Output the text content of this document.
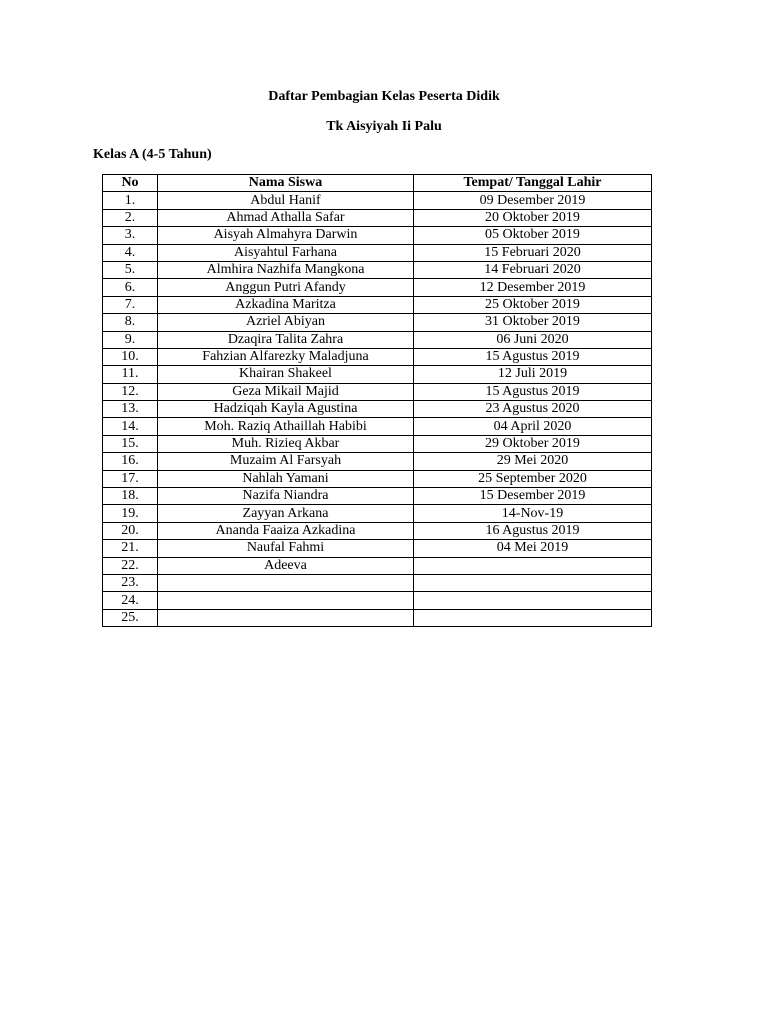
Daftar Pembagian Kelas Peserta Didik
Tk Aisyiyah Ii Palu
Kelas A (4-5 Tahun)
No	Nama Siswa	Tempat/ Tanggal Lahir
1.	Abdul Hanif	09 Desember 2019
2.	Ahmad Athalla Safar	20 Oktober 2019
3.	Aisyah Almahyra Darwin	05 Oktober 2019
4.	Aisyahtul Farhana	15 Februari 2020
5.	Almhira Nazhifa Mangkona	14 Februari 2020
6.	Anggun Putri Afandy	12 Desember 2019
7.	Azkadina Maritza	25 Oktober 2019
8.	Azriel Abiyan	31 Oktober 2019
9.	Dzaqira Talita Zahra	06 Juni 2020
10.	Fahzian Alfarezky Maladjuna	15 Agustus 2019
11.	Khairan Shakeel	12 Juli 2019
12.	Geza Mikail Majid	15 Agustus 2019
13.	Hadziqah Kayla Agustina	23 Agustus 2020
14.	Moh. Raziq Athaillah Habibi	04 April 2020
15.	Muh. Rizieq Akbar	29 Oktober 2019
16.	Muzaim Al Farsyah	29 Mei 2020
17.	Nahlah Yamani	25 September 2020
18.	Nazifa Niandra	15 Desember 2019
19.	Zayyan Arkana	14-Nov-19
20.	Ananda Faaiza Azkadina	16 Agustus 2019
21.	Naufal Fahmi	04 Mei 2019
22.	Adeeva	
23.		
24.		
25.		
